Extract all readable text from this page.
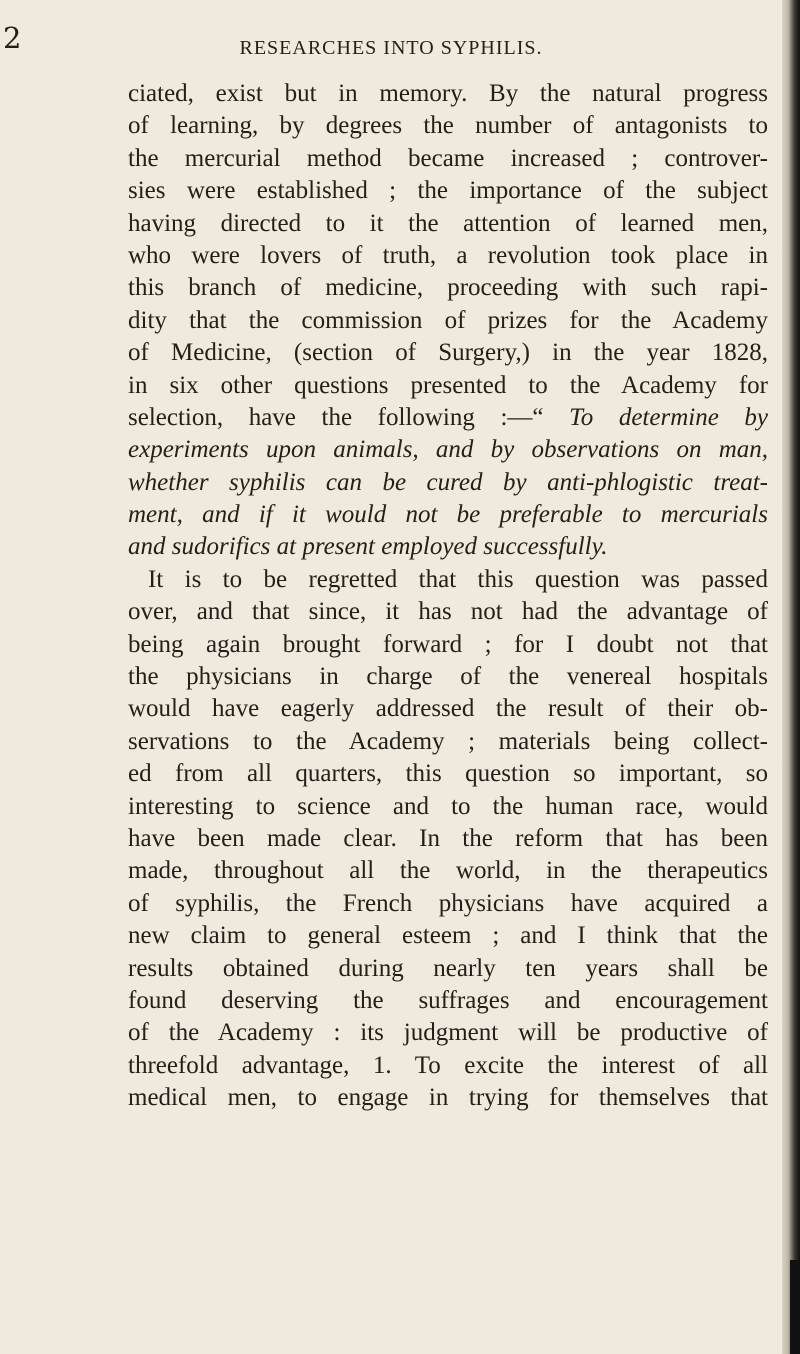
2	RESEARCHES INTO SYPHILIS.
ciated, exist but in memory. By the natural progress
of learning, by degrees the number of antagonists to
the mercurial method became increased ; controver-
sies were established ; the importance of the subject
having directed to it the attention of learned men,
who were lovers of truth, a revolution took place in
this branch of medicine, proceeding with such rapi-
dity that the commission of prizes for the Academy
of Medicine, (section of Surgery,) in the year 1828,
in six other questions presented to the Academy for
selection, have the following :—“ To determine by
experiments upon animals, and by observations on man,
whether syphilis can be cured by anti-phlogistic treat-
ment, and if it would not be preferable to mercurials
and sudorifics at present employed successfully.
It is to be regretted that this question was passed
over, and that since, it has not had the advantage of
being again brought forward ; for I doubt not that
the physicians in charge of the venereal hospitals
would have eagerly addressed the result of their ob-
servations to the Academy ; materials being collect-
ed from all quarters, this question so important, so
interesting to science and to the human race, would
have been made clear. In the reform that has been
made, throughout all the world, in the therapeutics
of syphilis, the French physicians have acquired a
new claim to general esteem ; and I think that the
results obtained during nearly ten years shall be
found deserving the suffrages and encouragement
of the Academy : its judgment will be productive of
threefold advantage, 1. To excite the interest of all
medical men, to engage in trying for themselves that
